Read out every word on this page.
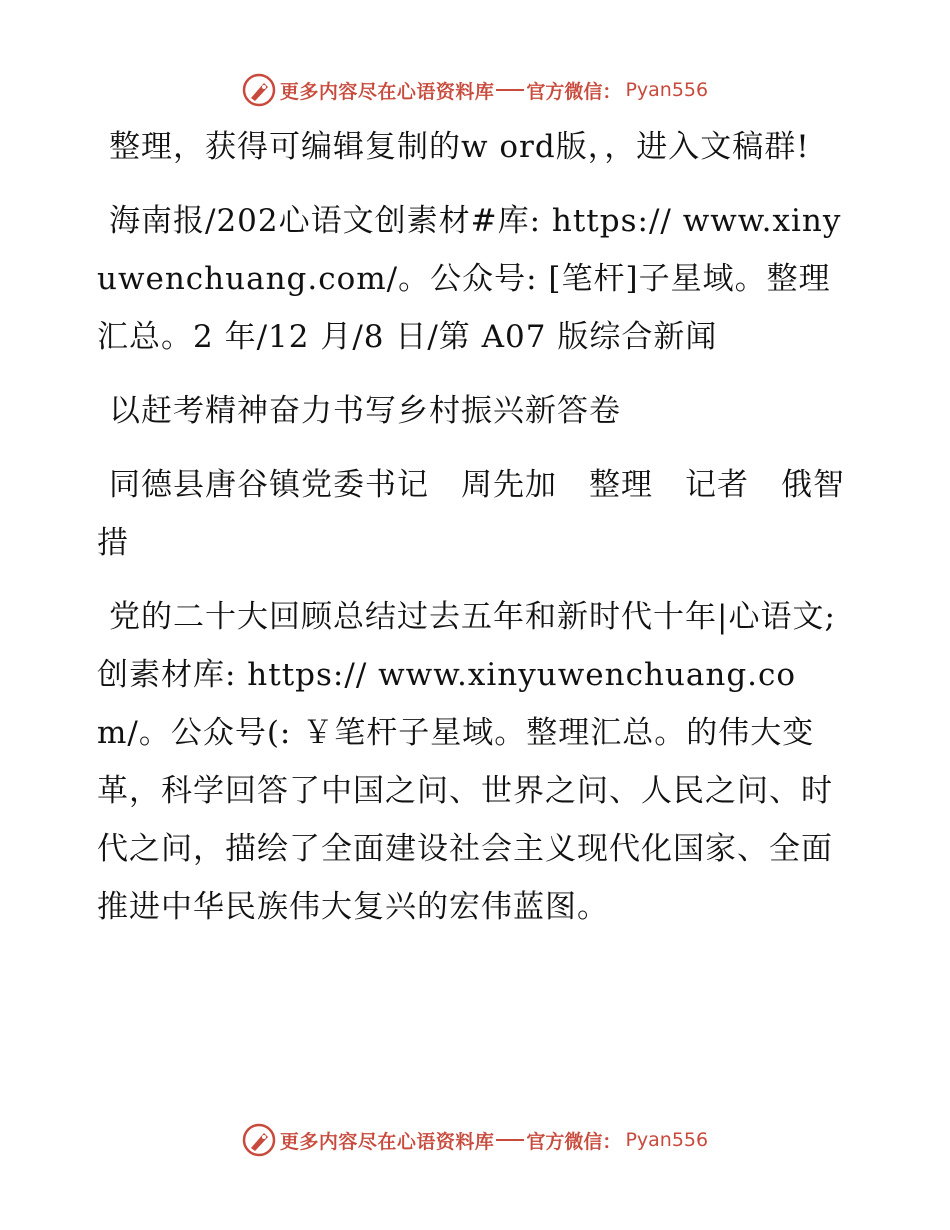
更多内容尽在心语资料库 官方微信： Pyan556

整理，获得可编辑复制的w ord版，，进入文稿群!

海南报/202心语文创素材#库: https:// www.xinyuwenchuang.com/。公众号: [笔杆]子星域。整理汇总。2 年/12 月/8 日/第 A07 版综合新闻

以赶考精神奋力书写乡村振兴新答卷

同德县唐谷镇党委书记　周先加　整理　记者　俄智措

党的二十大回顾总结过去五年和新时代十年|心语文;创素材库: https:// www.xinyuwenchuang.com/。公众号(: ￥笔杆子星域。整理汇总。的伟大变革，科学回答了中国之问、世界之问、人民之问、时代之问，描绘了全面建设社会主义现代化国家、全面推进中华民族伟大复兴的宏伟蓝图。

更多内容尽在心语资料库 官方微信： Pyan556
